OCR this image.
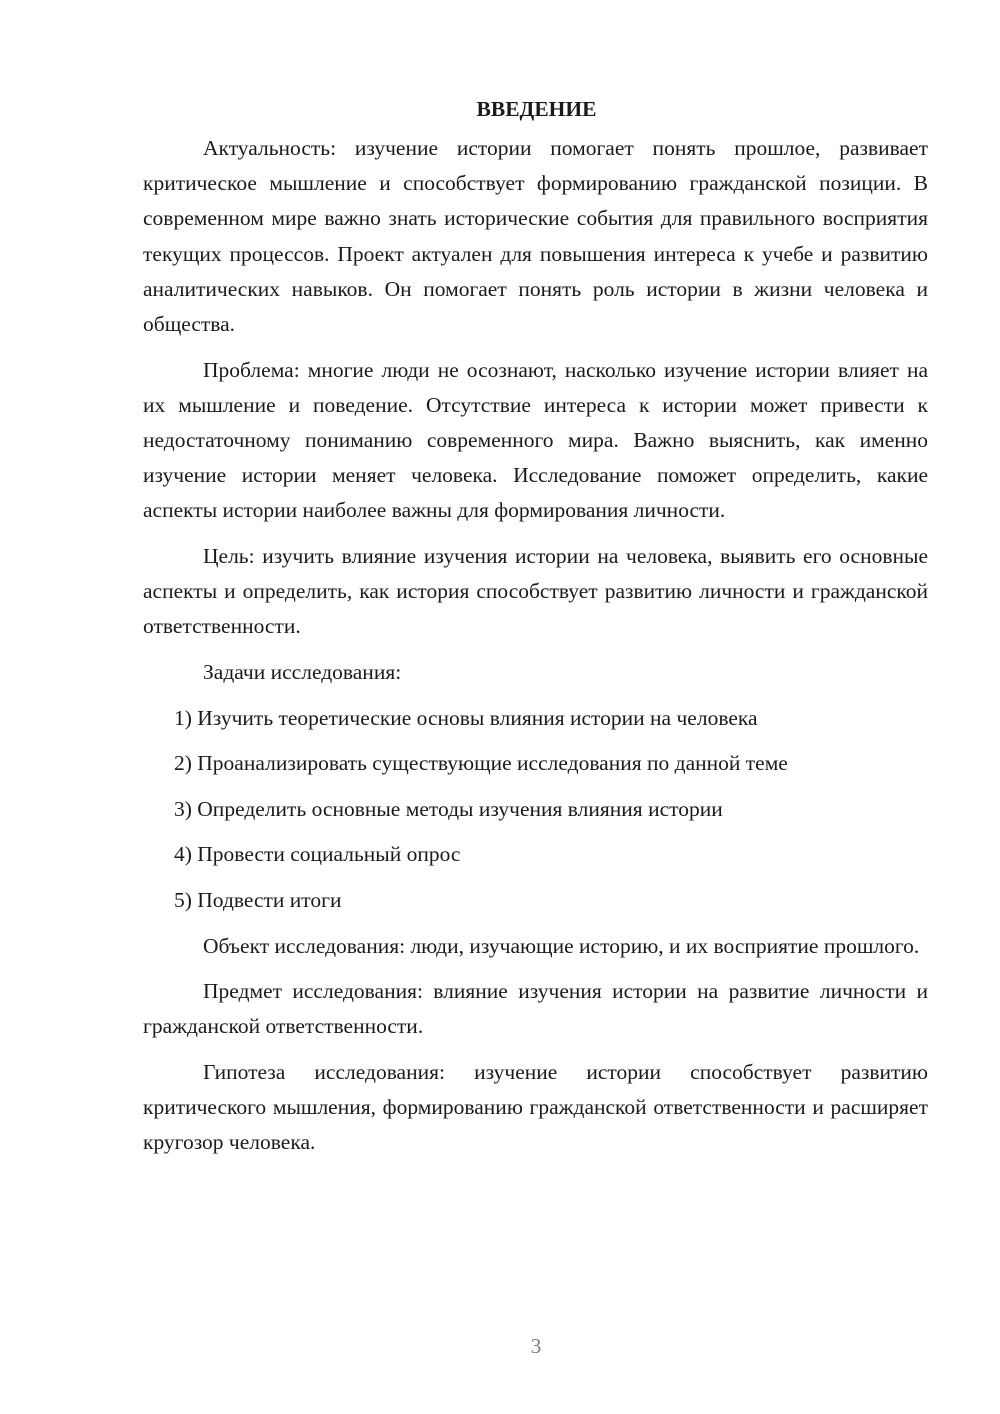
ВВЕДЕНИЕ

Актуальность: изучение истории помогает понять прошлое, развивает критическое мышление и способствует формированию гражданской позиции. В современном мире важно знать исторические события для правильного восприятия текущих процессов. Проект актуален для повышения интереса к учебе и развитию аналитических навыков. Он помогает понять роль истории в жизни человека и общества.

Проблема: многие люди не осознают, насколько изучение истории влияет на их мышление и поведение. Отсутствие интереса к истории может привести к недостаточному пониманию современного мира. Важно выяснить, как именно изучение истории меняет человека. Исследование поможет определить, какие аспекты истории наиболее важны для формирования личности.

Цель: изучить влияние изучения истории на человека, выявить его основные аспекты и определить, как история способствует развитию личности и гражданской ответственности.

Задачи исследования:

1) Изучить теоретические основы влияния истории на человека
2) Проанализировать существующие исследования по данной теме
3) Определить основные методы изучения влияния истории
4) Провести социальный опрос
5) Подвести итоги

Объект исследования: люди, изучающие историю, и их восприятие прошлого.

Предмет исследования: влияние изучения истории на развитие личности и гражданской ответственности.

Гипотеза исследования: изучение истории способствует развитию критического мышления, формированию гражданской ответственности и расширяет кругозор человека.

3
